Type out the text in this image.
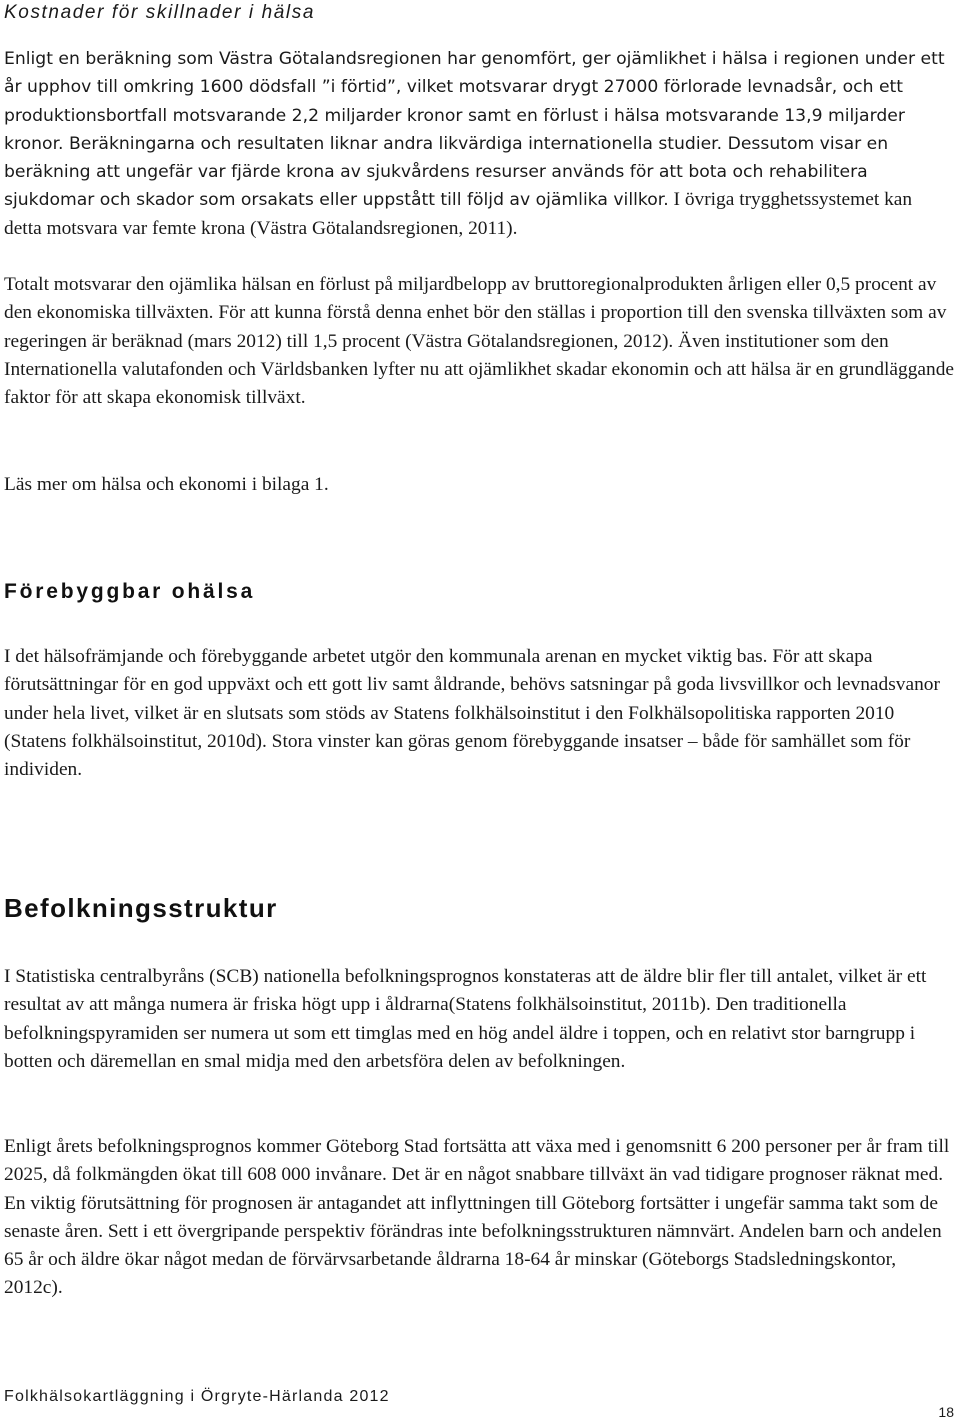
Kostnader för skillnader i hälsa

Enligt en beräkning som Västra Götalandsregionen har genomfört, ger ojämlikhet i hälsa i regionen under ett år upphov till omkring 1600 dödsfall ”i förtid”, vilket motsvarar drygt 27000 förlorade levnadsår, och ett produktionsbortfall motsvarande 2,2 miljarder kronor samt en förlust i hälsa motsvarande 13,9 miljarder kronor. Beräkningarna och resultaten liknar andra likvärdiga internationella studier. Dessutom visar en beräkning att ungefär var fjärde krona av sjukvårdens resurser används för att bota och rehabilitera sjukdomar och skador som orsakats eller uppstått till följd av ojämlika villkor. I övriga trygghetssystemet kan detta motsvara var femte krona (Västra Götalandsregionen, 2011).

Totalt motsvarar den ojämlika hälsan en förlust på miljardbelopp av bruttoregionalprodukten årligen eller 0,5 procent av den ekonomiska tillväxten. För att kunna förstå denna enhet bör den ställas i proportion till den svenska tillväxten som av regeringen är beräknad (mars 2012) till 1,5 procent (Västra Götalandsregionen, 2012). Även institutioner som den Internationella valutafonden och Världsbanken lyfter nu att ojämlikhet skadar ekonomin och att hälsa är en grundläggande faktor för att skapa ekonomisk tillväxt.

Läs mer om hälsa och ekonomi i bilaga 1.

Förebyggbar ohälsa

I det hälsofrämjande och förebyggande arbetet utgör den kommunala arenan en mycket viktig bas. För att skapa förutsättningar för en god uppväxt och ett gott liv samt åldrande, behövs satsningar på goda livsvillkor och levnadsvanor under hela livet, vilket är en slutsats som stöds av Statens folkhälsoinstitut i den Folkhälsopolitiska rapporten 2010 (Statens folkhälsoinstitut, 2010d). Stora vinster kan göras genom förebyggande insatser – både för samhället som för individen.

Befolkningsstruktur

I Statistiska centralbyråns (SCB) nationella befolkningsprognos konstateras att de äldre blir fler till antalet, vilket är ett resultat av att många numera är friska högt upp i åldrarna(Statens folkhälsoinstitut, 2011b). Den traditionella befolkningspyramiden ser numera ut som ett timglas med en hög andel äldre i toppen, och en relativt stor barngrupp i botten och däremellan en smal midja med den arbetsföra delen av befolkningen.

Enligt årets befolkningsprognos kommer Göteborg Stad fortsätta att växa med i genomsnitt 6 200 personer per år fram till 2025, då folkmängden ökat till 608 000 invånare. Det är en något snabbare tillväxt än vad tidigare prognoser räknat med. En viktig förutsättning för prognosen är antagandet att inflyttningen till Göteborg fortsätter i ungefär samma takt som de senaste åren. Sett i ett övergripande perspektiv förändras inte befolkningsstrukturen nämnvärt. Andelen barn och andelen 65 år och äldre ökar något medan de förvärvsarbetande åldrarna 18-64 år minskar (Göteborgs Stadsledningskontor, 2012c).

Folkhälsokartläggning i Örgryte-Härlanda 2012
18
